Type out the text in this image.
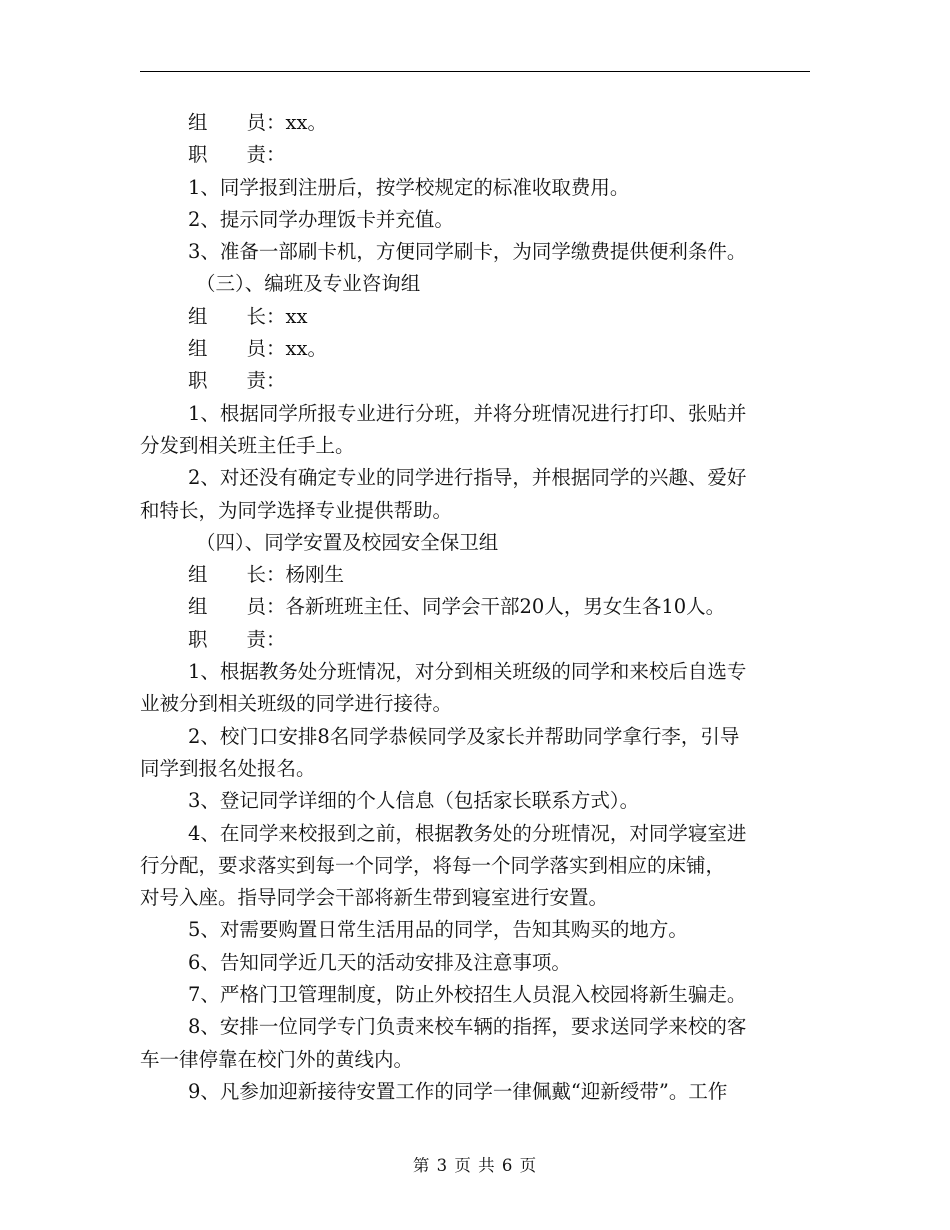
组　　员：xx。
职　　责：
1、同学报到注册后，按学校规定的标准收取费用。
2、提示同学办理饭卡并充值。
3、准备一部刷卡机，方便同学刷卡，为同学缴费提供便利条件。
（三）、编班及专业咨询组
组　　长：xx
组　　员：xx。
职　　责：
1、根据同学所报专业进行分班，并将分班情况进行打印、张贴并
分发到相关班主任手上。
2、对还没有确定专业的同学进行指导，并根据同学的兴趣、爱好
和特长，为同学选择专业提供帮助。
（四）、同学安置及校园安全保卫组
组　　长：杨刚生
组　　员：各新班班主任、同学会干部20人，男女生各10人。
职　　责：
1、根据教务处分班情况，对分到相关班级的同学和来校后自选专
业被分到相关班级的同学进行接待。
2、校门口安排8名同学恭候同学及家长并帮助同学拿行李，引导
同学到报名处报名。
3、登记同学详细的个人信息（包括家长联系方式）。
4、在同学来校报到之前，根据教务处的分班情况，对同学寝室进
行分配，要求落实到每一个同学，将每一个同学落实到相应的床铺，
对号入座。指导同学会干部将新生带到寝室进行安置。
5、对需要购置日常生活用品的同学，告知其购买的地方。
6、告知同学近几天的活动安排及注意事项。
7、严格门卫管理制度，防止外校招生人员混入校园将新生骗走。
8、安排一位同学专门负责来校车辆的指挥，要求送同学来校的客
车一律停靠在校门外的黄线内。
9、凡参加迎新接待安置工作的同学一律佩戴“迎新绶带”。工作
第 3 页 共 6 页
